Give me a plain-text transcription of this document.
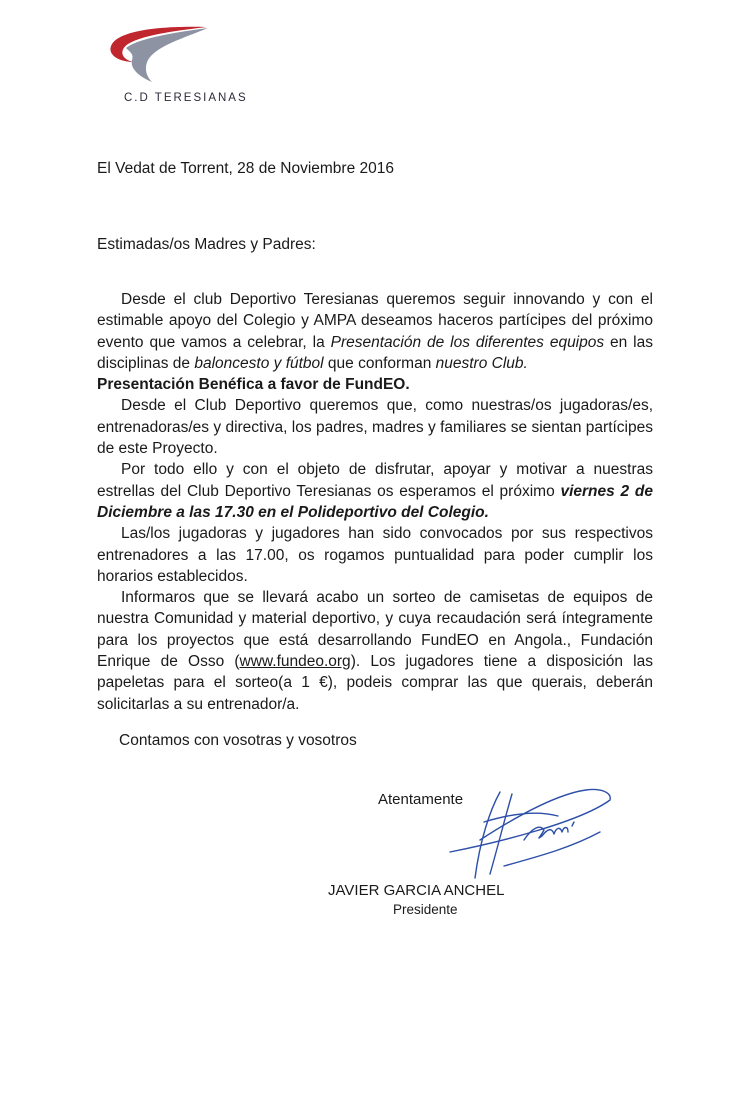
C.D TERESIANAS
El Vedat de Torrent, 28 de Noviembre 2016
Estimadas/os Madres y Padres:

Desde el club Deportivo Teresianas queremos seguir innovando y con el estimable apoyo del Colegio y AMPA deseamos haceros partícipes del próximo evento que vamos a celebrar, la Presentación de los diferentes equipos en las disciplinas de baloncesto y fútbol que conforman nuestro Club.

Presentación Benéfica a favor de FundEO.

Desde el Club Deportivo queremos que, como nuestras/os jugadoras/es, entrenadoras/es y directiva, los padres, madres y familiares se sientan partícipes de este Proyecto.

Por todo ello y con el objeto de disfrutar, apoyar y motivar a nuestras estrellas del Club Deportivo Teresianas os esperamos el próximo viernes 2 de Diciembre a las 17.30 en el Polideportivo del Colegio.

Las/los jugadoras y jugadores han sido convocados por sus respectivos entrenadores a las 17.00, os rogamos puntualidad para poder cumplir los horarios establecidos.

Informaros que se llevará acabo un sorteo de camisetas de equipos de nuestra Comunidad y material deportivo, y cuya recaudación será íntegramente para los proyectos que está desarrollando FundEO en Angola., Fundación Enrique de Osso (www.fundeo.org). Los jugadores tiene a disposición las papeletas para el sorteo(a 1 €), podeis comprar las que querais, deberán solicitarlas a su entrenador/a.

Contamos con vosotras y vosotros
Atentamente
JAVIER GARCIA ANCHEL
Presidente
